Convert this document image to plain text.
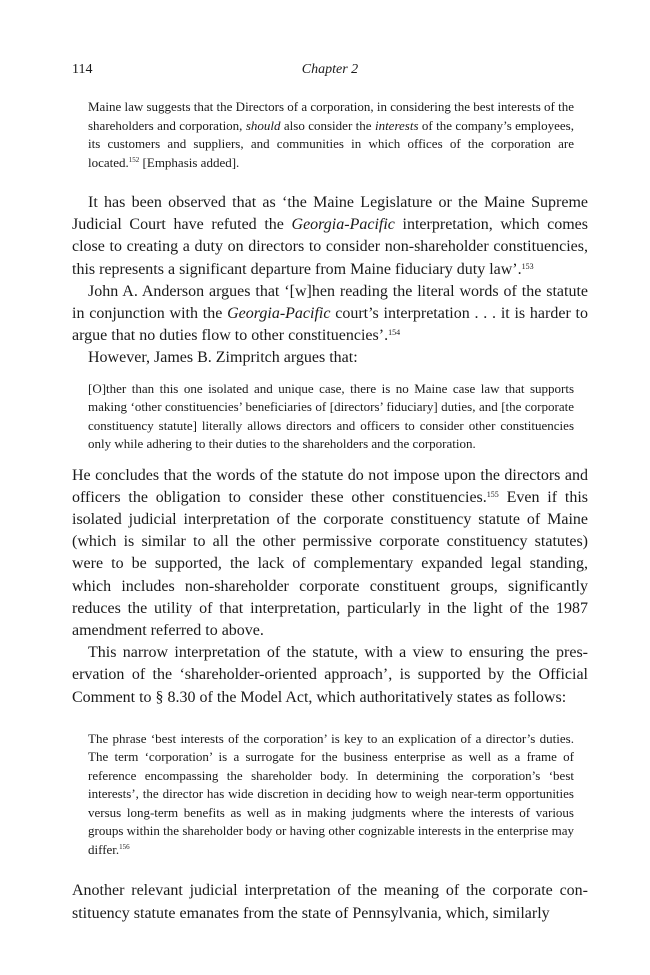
114	Chapter 2
Maine law suggests that the Directors of a corporation, in considering the best interests of the shareholders and corporation, should also consider the interests of the company’s employees, its customers and suppliers, and communities in which offices of the corporation are located.$^{152}$ [Emphasis added].

It has been observed that as ‘the Maine Legislature or the Maine Supreme Judicial Court have refuted the Georgia-Pacific interpretation, which comes close to creating a duty on directors to consider non-shareholder constituencies, this represents a significant departure from Maine fiduciary duty law’.$^{153}$

John A. Anderson argues that ‘[w]hen reading the literal words of the statute in conjunction with the Georgia-Pacific court’s interpretation . . . it is harder to argue that no duties flow to other constituencies’.$^{154}$

However, James B. Zimpritch argues that:

[O]ther than this one isolated and unique case, there is no Maine case law that supports making ‘other constituencies’ beneficiaries of [directors’ fiduciary] duties, and [the corporate constituency statute] literally allows directors and officers to consider other constituencies only while adhering to their duties to the shareholders and the corporation.

He concludes that the words of the statute do not impose upon the directors and officers the obligation to consider these other constituencies.$^{155}$ Even if this isolated judicial interpretation of the corporate constituency statute of Maine (which is similar to all the other permissive corporate constituency statutes) were to be supported, the lack of complementary expanded legal standing, which includes non-shareholder corporate constituent groups, significantly reduces the utility of that interpretation, particularly in the light of the 1987 amendment referred to above.

This narrow interpretation of the statute, with a view to ensuring the preservation of the ‘shareholder-oriented approach’, is supported by the Official Comment to § 8.30 of the Model Act, which authoritatively states as follows:

The phrase ‘best interests of the corporation’ is key to an explication of a director’s duties. The term ‘corporation’ is a surrogate for the business enterprise as well as a frame of reference encompassing the shareholder body. In determining the corporation’s ‘best interests’, the director has wide discretion in deciding how to weigh near-term opportunities versus long-term benefits as well as in making judgments where the interests of various groups within the shareholder body or having other cognizable interests in the enterprise may differ.$^{156}$

Another relevant judicial interpretation of the meaning of the corporate constituency statute emanates from the state of Pennsylvania, which, similarly
